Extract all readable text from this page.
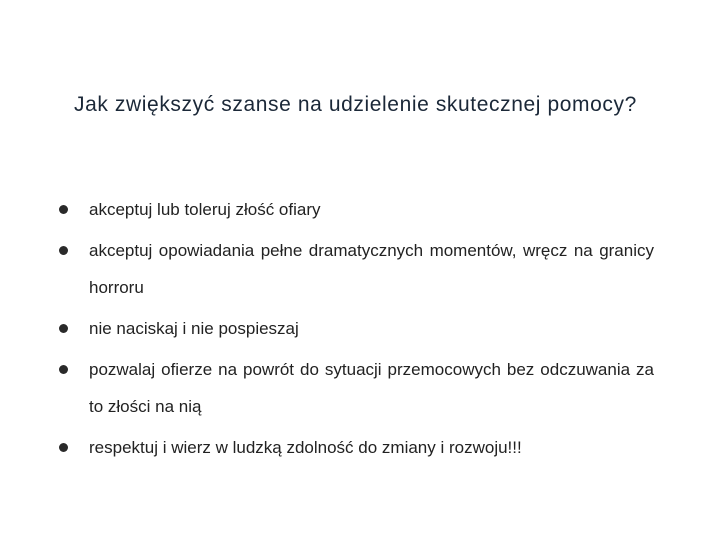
Jak zwiększyć szanse na udzielenie skutecznej pomocy?
akceptuj lub toleruj złość ofiary
akceptuj opowiadania pełne dramatycznych momentów, wręcz na granicy horroru
nie naciskaj i nie pospieszaj
pozwalaj ofierze na powrót do sytuacji przemocowych bez odczuwania za to złości na nią
respektuj i wierz w ludzką zdolność do zmiany i rozwoju!!!
